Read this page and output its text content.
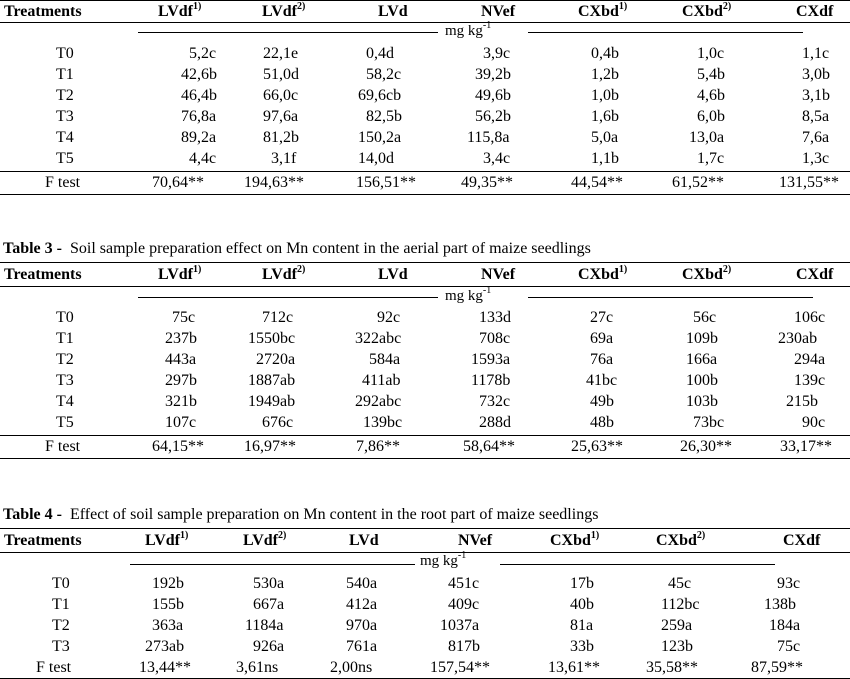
Treatments	LVdf$^{1)}$	LVdf$^{2)}$	LVd	NVef	CXbd$^{1)}$	CXbd$^{2)}$	CXdf
mg $kg^{-1}$
T0	5,2c	22,1e	0,4d	3,9c	0,4b	1,0c	1,1c
T1	42,6b	51,0d	58,2c	39,2b	1,2b	5,4b	3,0b
T2	46,4b	66,0c	69,6cb	49,6b	1,0b	4,6b	3,1b
T3	76,8a	97,6a	82,5b	56,2b	1,6b	6,0b	8,5a
T4	89,2a	81,2b	150,2a	115,8a	5,0a	13,0a	7,6a
T5	4,4c	3,1f	14,0d	3,4c	1,1b	1,7c	1,3c
F test	70,64**	194,63**	156,51**	49,35**	44,54**	61,52**	131,55**
Table 3 - Soil sample preparation effect on Mn content in the aerial part of maize seedlings
Treatments	LVdf$^{1)}$	LVdf$^{2)}$	LVd	NVef	CXbd$^{1)}$	CXbd$^{2)}$	CXdf
mg $kg^{-1}$
T0	75c	712c	92c	133d	27c	56c	106c
T1	237b	1550bc	322abc	708c	69a	109b	230ab
T2	443a	2720a	584a	1593a	76a	166a	294a
T3	297b	1887ab	411ab	1178b	41bc	100b	139c
T4	321b	1949ab	292abc	732c	49b	103b	215b
T5	107c	676c	139bc	288d	48b	73bc	90c
F test	64,15**	16,97**	7,86**	58,64**	25,63**	26,30**	33,17**
Table 4 - Effect of soil sample preparation on Mn content in the root part of maize seedlings
Treatments	LVdf$^{1)}$	LVdf$^{2)}$	LVd	NVef	CXbd$^{1)}$	CXbd$^{2)}$	CXdf
mg $kg^{-1}$
T0	192b	530a	540a	451c	17b	45c	93c
T1	155b	667a	412a	409c	40b	112bc	138b
T2	363a	1184a	970a	1037a	81a	259a	184a
T3	273ab	926a	761a	817b	33b	123b	75c
F test	13,44**	3,61ns	2,00ns	157,54**	13,61**	35,58**	87,59**
